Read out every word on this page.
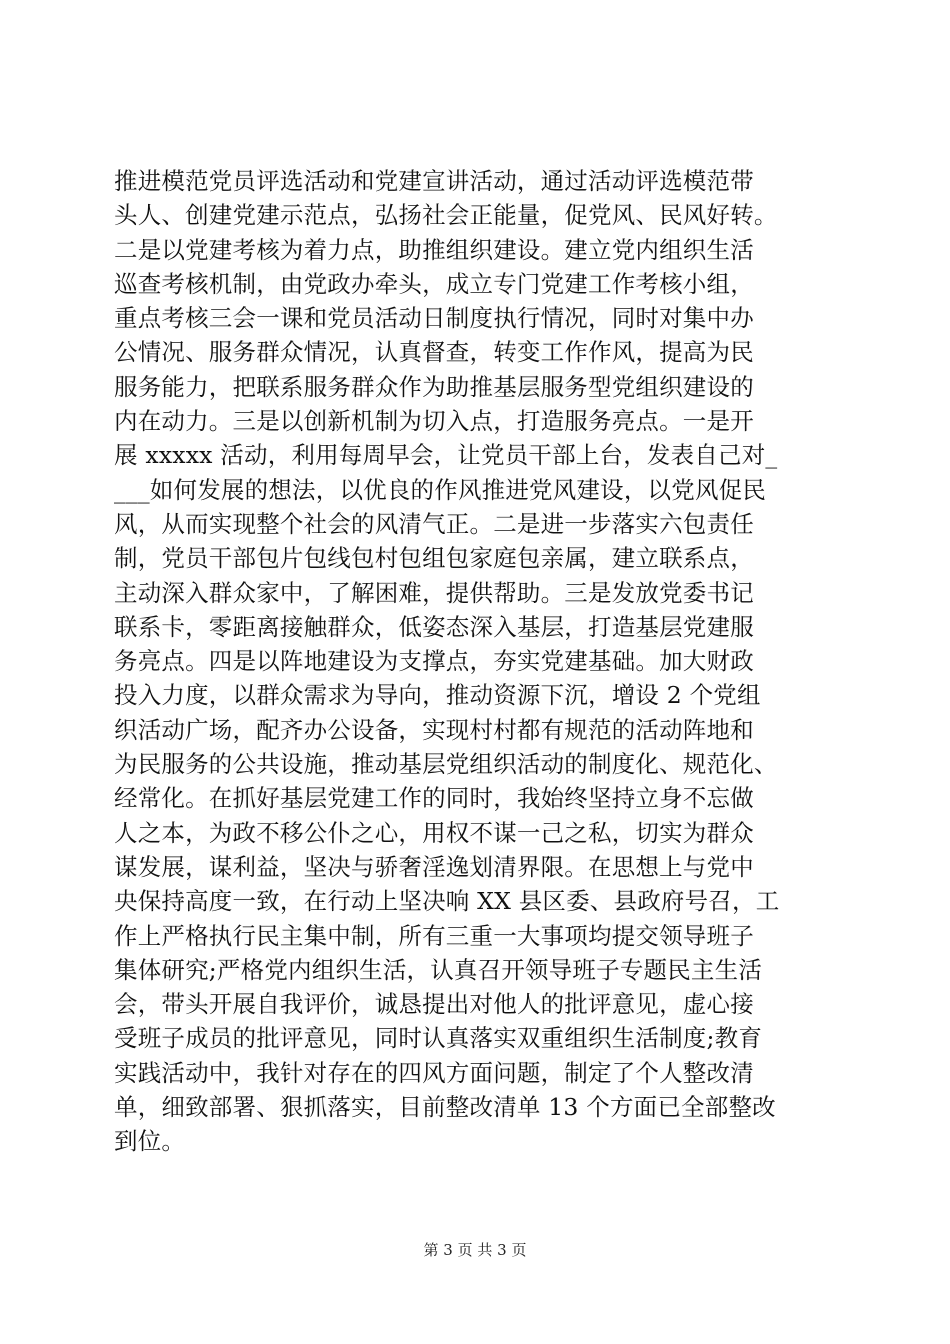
推进模范党员评选活动和党建宣讲活动，通过活动评选模范带
头人、创建党建示范点，弘扬社会正能量，促党风、民风好转。
二是以党建考核为着力点，助推组织建设。建立党内组织生活
巡查考核机制，由党政办牵头，成立专门党建工作考核小组，
重点考核三会一课和党员活动日制度执行情况，同时对集中办
公情况、服务群众情况，认真督查，转变工作作风，提高为民
服务能力，把联系服务群众作为助推基层服务型党组织建设的
内在动力。三是以创新机制为切入点，打造服务亮点。一是开
展 xxxxx 活动，利用每周早会，让党员干部上台，发表自己对_
___如何发展的想法，以优良的作风推进党风建设，以党风促民
风，从而实现整个社会的风清气正。二是进一步落实六包责任
制，党员干部包片包线包村包组包家庭包亲属，建立联系点，
主动深入群众家中，了解困难，提供帮助。三是发放党委书记
联系卡，零距离接触群众，低姿态深入基层，打造基层党建服
务亮点。四是以阵地建设为支撑点，夯实党建基础。加大财政
投入力度，以群众需求为导向，推动资源下沉，增设 2 个党组
织活动广场，配齐办公设备，实现村村都有规范的活动阵地和
为民服务的公共设施，推动基层党组织活动的制度化、规范化、
经常化。在抓好基层党建工作的同时，我始终坚持立身不忘做
人之本，为政不移公仆之心，用权不谋一己之私，切实为群众
谋发展，谋利益，坚决与骄奢淫逸划清界限。在思想上与党中
央保持高度一致，在行动上坚决响 XX 县区委、县政府号召，工
作上严格执行民主集中制，所有三重一大事项均提交领导班子
集体研究;严格党内组织生活，认真召开领导班子专题民主生活
会，带头开展自我评价，诚恳提出对他人的批评意见，虚心接
受班子成员的批评意见，同时认真落实双重组织生活制度;教育
实践活动中，我针对存在的四风方面问题，制定了个人整改清
单，细致部署、狠抓落实，目前整改清单 13 个方面已全部整改
到位。
第 3 页 共 3 页
